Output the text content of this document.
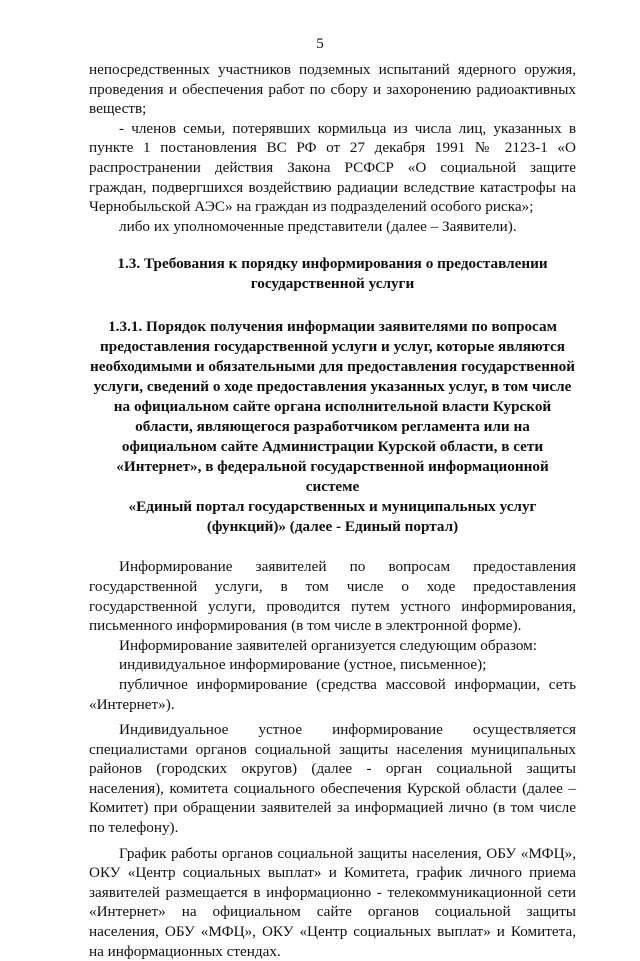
5

непосредственных участников подземных испытаний ядерного оружия, проведения и обеспечения работ по сбору и захоронению радиоактивных веществ;

- членов семьи, потерявших кормильца из числа лиц, указанных в пункте 1 постановления ВС РФ от 27 декабря 1991 № 2123-1 «О распространении действия Закона РСФСР «О социальной защите граждан, подвергшихся воздействию радиации вследствие катастрофы на Чернобыльской АЭС» на граждан из подразделений особого риска»;

либо их уполномоченные представители (далее – Заявители).

1.3. Требования к порядку информирования о предоставлении
государственной услуги
1.3.1. Порядок получения информации заявителями по вопросам
предоставления государственной услуги и услуг, которые являются
необходимыми и обязательными для предоставления государственной
услуги, сведений о ходе предоставления указанных услуг, в том числе
на официальном сайте органа исполнительной власти Курской
области, являющегося разработчиком регламента или на
официальном сайте Администрации Курской области, в сети
«Интернет», в федеральной государственной информационной системе
«Единый портал государственных и муниципальных услуг
(функций)» (далее - Единый портал)

Информирование заявителей по вопросам предоставления государственной услуги, в том числе о ходе предоставления государственной услуги, проводится путем устного информирования, письменного информирования (в том числе в электронной форме).

Информирование заявителей организуется следующим образом:

индивидуальное информирование (устное, письменное);

публичное информирование (средства массовой информации, сеть «Интернет»).

Индивидуальное устное информирование осуществляется специалистами органов социальной защиты населения муниципальных районов (городских округов) (далее - орган социальной защиты населения), комитета социального обеспечения Курской области (далее – Комитет) при обращении заявителей за информацией лично (в том числе по телефону).

График работы органов социальной защиты населения, ОБУ «МФЦ», ОКУ «Центр социальных выплат» и Комитета, график личного приема заявителей размещается в информационно - телекоммуникационной сети «Интернет» на официальном сайте органов социальной защиты населения, ОБУ «МФЦ», ОКУ «Центр социальных выплат» и Комитета, на информационных стендах.
